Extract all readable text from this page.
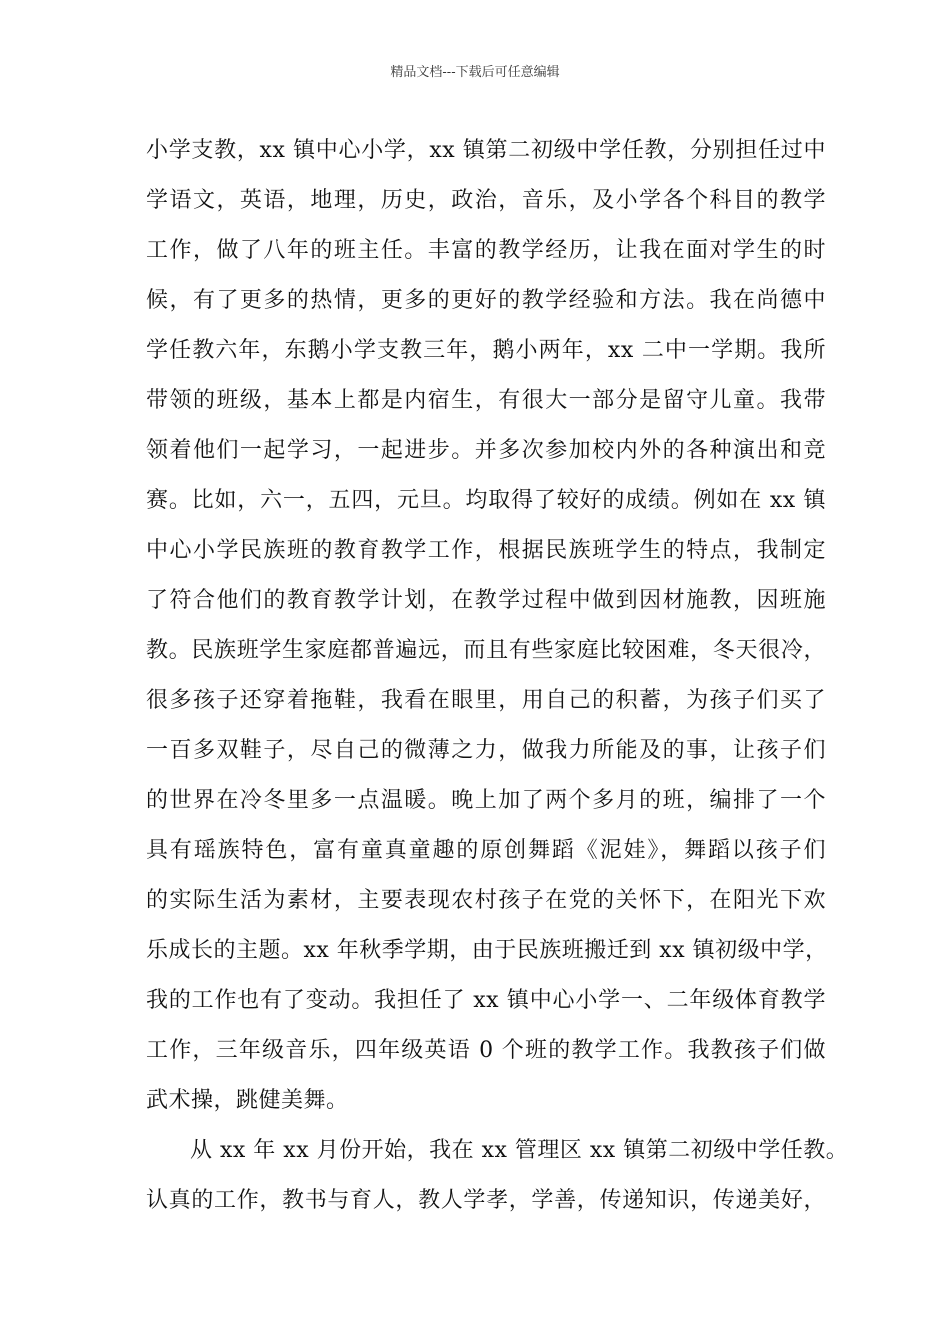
精品文档---下载后可任意编辑
小学支教，xx 镇中心小学，xx 镇第二初级中学任教，分别担任过中
学语文，英语，地理，历史，政治，音乐，及小学各个科目的教学
工作，做了八年的班主任。丰富的教学经历，让我在面对学生的时
候，有了更多的热情，更多的更好的教学经验和方法。我在尚德中
学任教六年，东鹅小学支教三年，鹅小两年，xx 二中一学期。我所
带领的班级，基本上都是内宿生，有很大一部分是留守儿童。我带
领着他们一起学习，一起进步。并多次参加校内外的各种演出和竞
赛。比如，六一，五四，元旦。均取得了较好的成绩。例如在 xx 镇
中心小学民族班的教育教学工作，根据民族班学生的特点，我制定
了符合他们的教育教学计划，在教学过程中做到因材施教，因班施
教。民族班学生家庭都普遍远，而且有些家庭比较困难，冬天很冷，
很多孩子还穿着拖鞋，我看在眼里，用自己的积蓄，为孩子们买了
一百多双鞋子，尽自己的微薄之力，做我力所能及的事，让孩子们
的世界在冷冬里多一点温暖。晚上加了两个多月的班，编排了一个
具有瑶族特色，富有童真童趣的原创舞蹈《泥娃》，舞蹈以孩子们
的实际生活为素材，主要表现农村孩子在党的关怀下，在阳光下欢
乐成长的主题。xx 年秋季学期，由于民族班搬迁到 xx 镇初级中学，
我的工作也有了变动。我担任了 xx 镇中心小学一、二年级体育教学
工作，三年级音乐，四年级英语 0 个班的教学工作。我教孩子们做
武术操，跳健美舞。
从 xx 年 xx 月份开始，我在 xx 管理区 xx 镇第二初级中学任教。
认真的工作，教书与育人，教人学孝，学善，传递知识，传递美好，
